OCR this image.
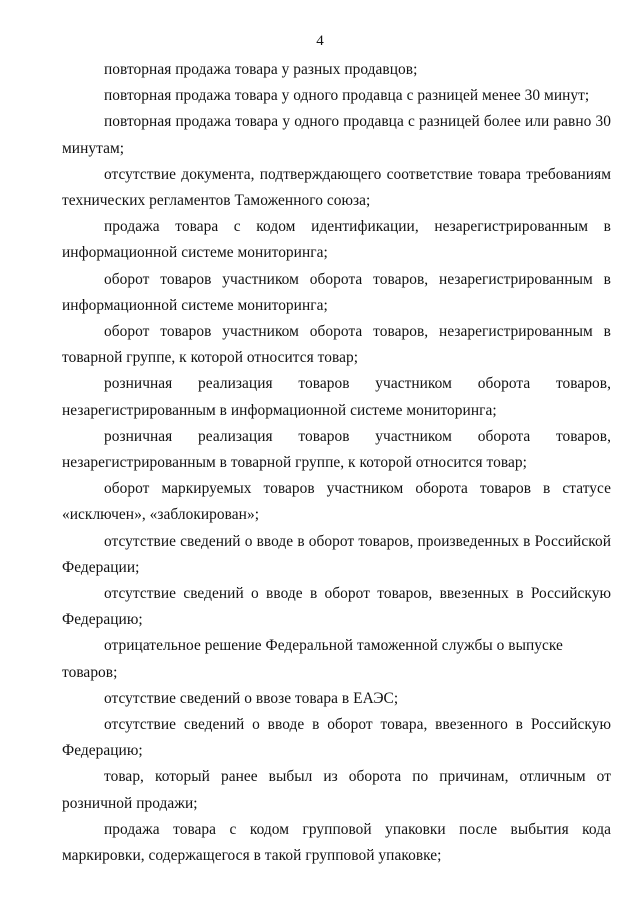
4

повторная продажа товара у разных продавцов;

повторная продажа товара у одного продавца с разницей менее 30 минут;

повторная продажа товара у одного продавца с разницей более или равно 30 минутам;

отсутствие документа, подтверждающего соответствие товара требованиям технических регламентов Таможенного союза;

продажа товара с кодом идентификации, незарегистрированным в информационной системе мониторинга;

оборот товаров участником оборота товаров, незарегистрированным в информационной системе мониторинга;

оборот товаров участником оборота товаров, незарегистрированным в товарной группе, к которой относится товар;

розничная реализация товаров участником оборота товаров, незарегистрированным в информационной системе мониторинга;

розничная реализация товаров участником оборота товаров, незарегистрированным в товарной группе, к которой относится товар;

оборот маркируемых товаров участником оборота товаров в статусе «исключен», «заблокирован»;

отсутствие сведений о вводе в оборот товаров, произведенных в Российской Федерации;

отсутствие сведений о вводе в оборот товаров, ввезенных в Российскую Федерацию;

отрицательное решение Федеральной таможенной службы о выпуске товаров;

отсутствие сведений о ввозе товара в ЕАЭС;

отсутствие сведений о вводе в оборот товара, ввезенного в Российскую Федерацию;

товар, который ранее выбыл из оборота по причинам, отличным от розничной продажи;

продажа товара с кодом групповой упаковки после выбытия кода маркировки, содержащегося в такой групповой упаковке;
